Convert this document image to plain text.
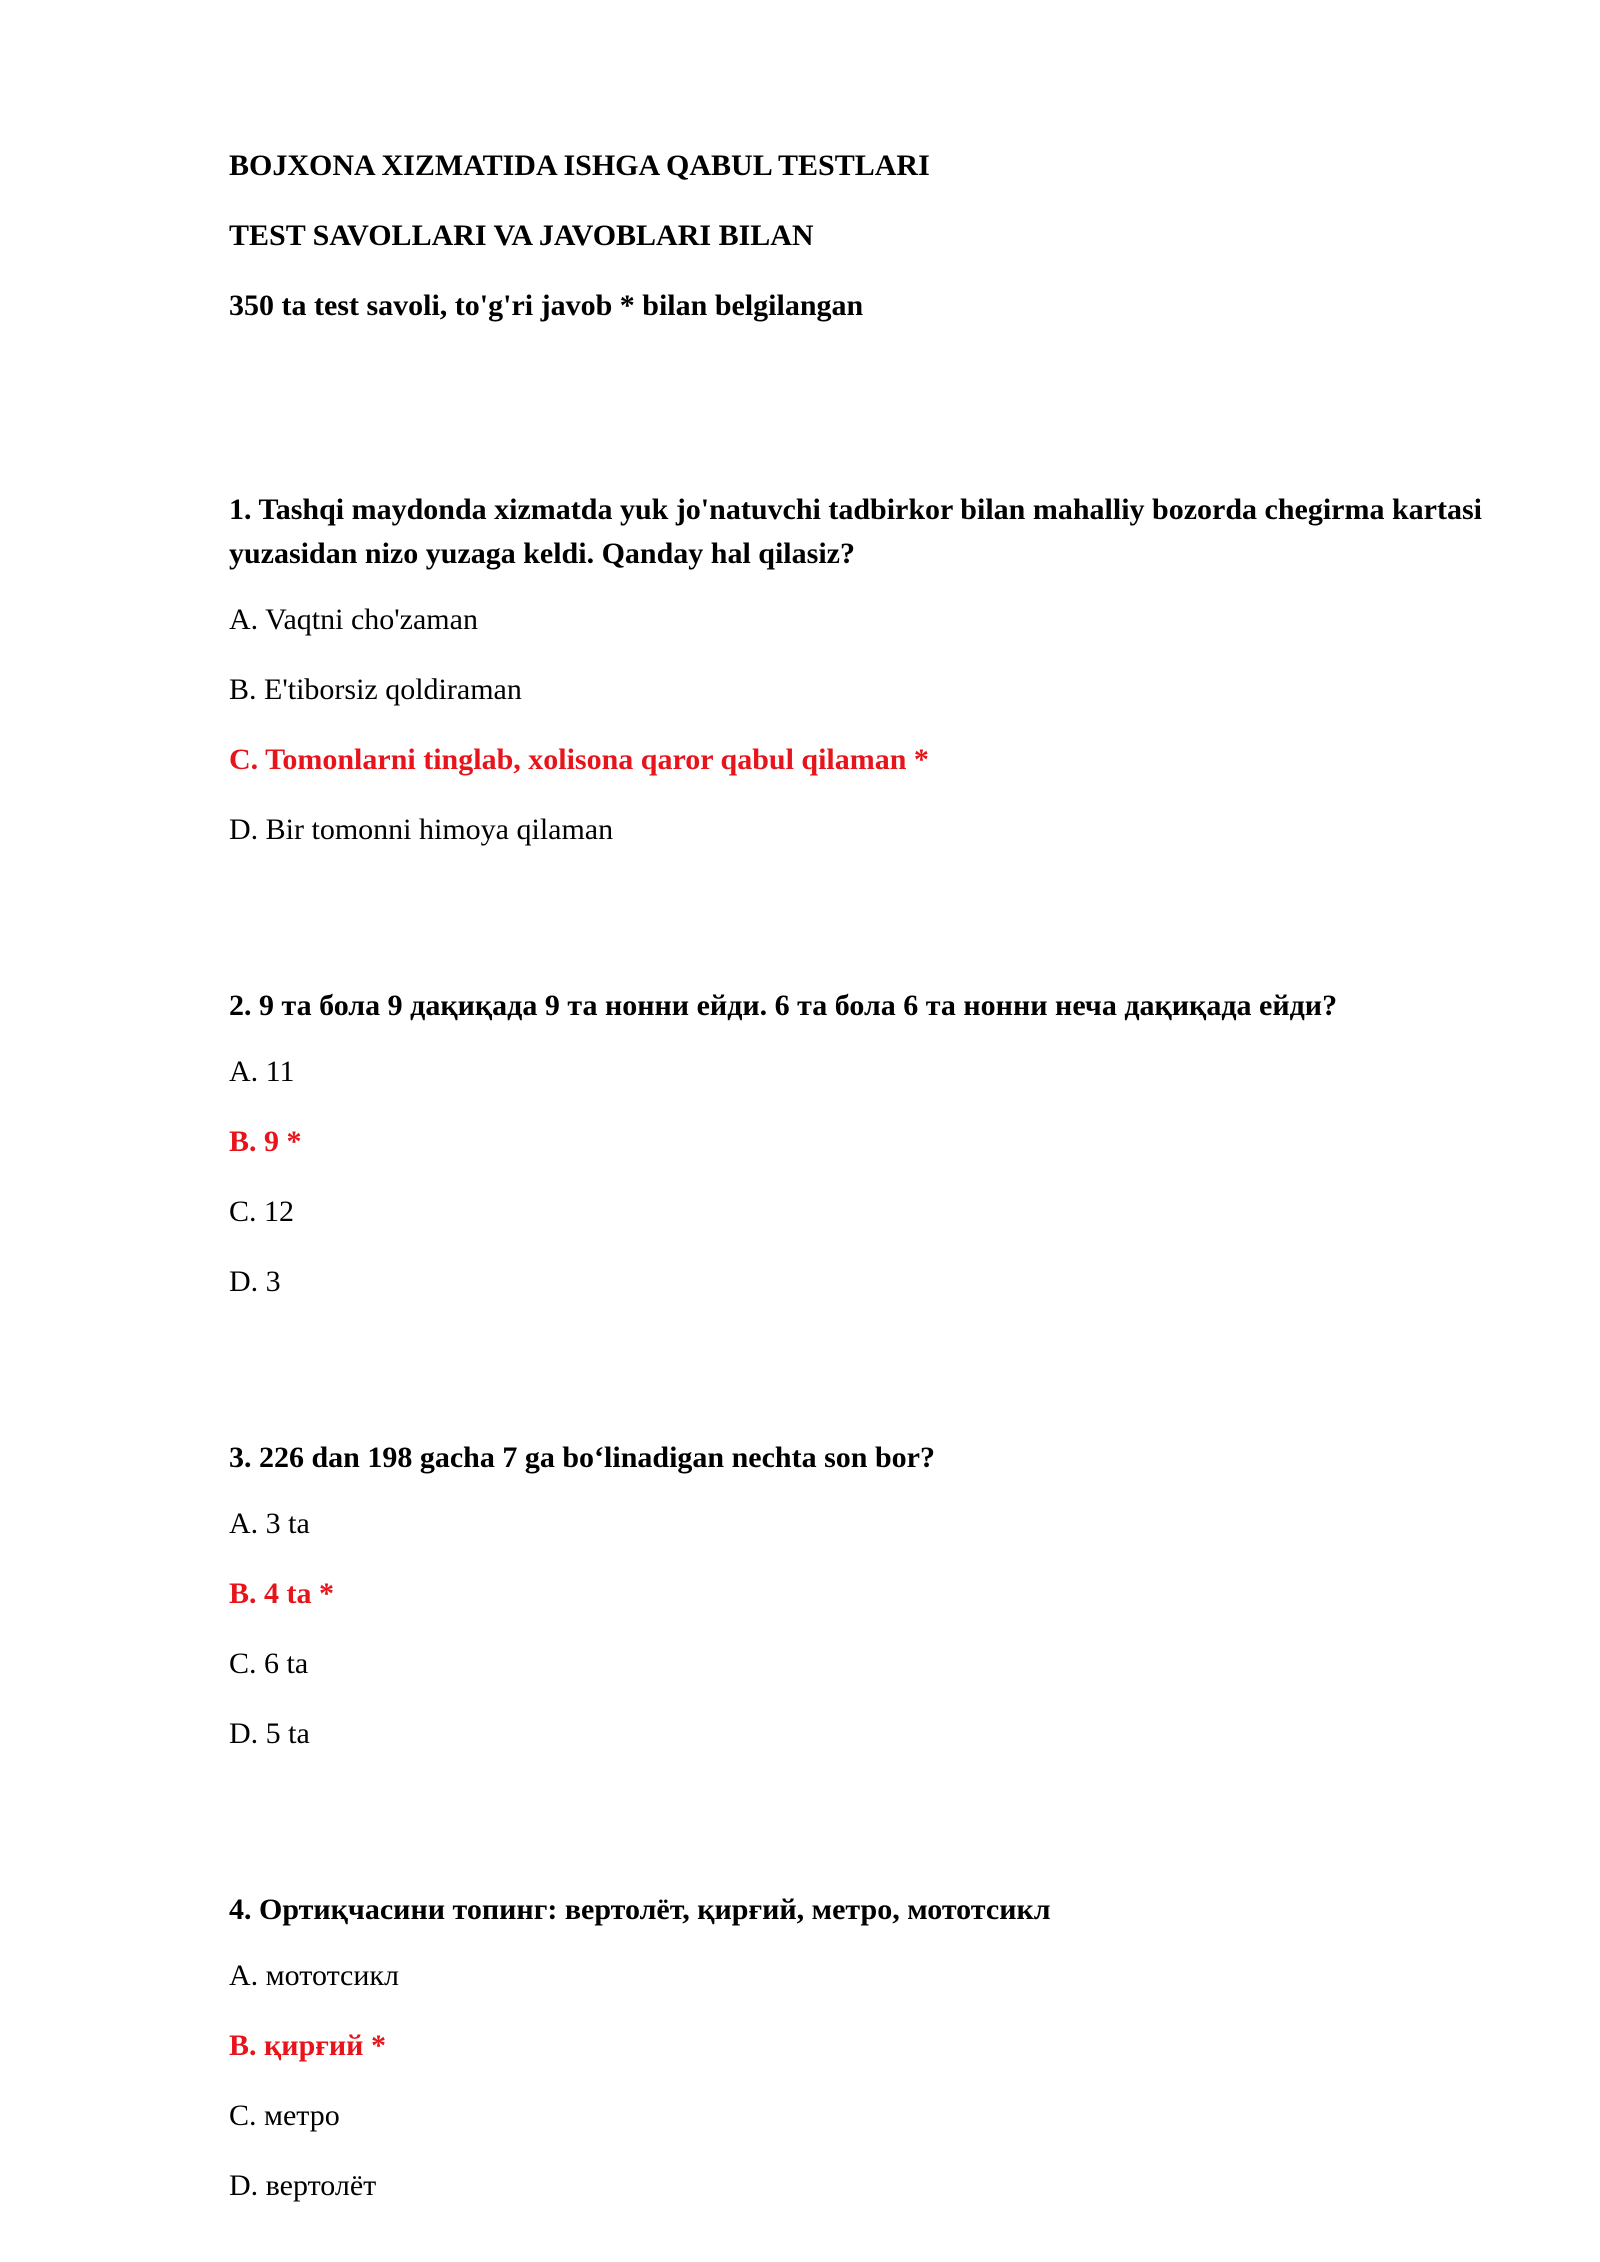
BOJXONA XIZMATIDA ISHGA QABUL TESTLARI
TEST SAVOLLARI VA JAVOBLARI BILAN
350 ta test savoli, to'g'ri javob * bilan belgilangan
1. Tashqi maydonda xizmatda yuk jo'natuvchi tadbirkor bilan mahalliy bozorda chegirma kartasi yuzasidan nizo yuzaga keldi. Qanday hal qilasiz?
A. Vaqtni cho'zaman
B. E'tiborsiz qoldiraman
C. Tomonlarni tinglab, xolisona qaror qabul qilaman *
D. Bir tomonni himoya qilaman
2. 9 та бола 9 дақиқада 9 та нонни ейди. 6 та бола 6 та нонни неча дақиқада ейди?
A. 11
B. 9 *
C. 12
D. 3
3. 226 dan 198 gacha 7 ga bo‘linadigan nechta son bor?
A. 3 ta
B. 4 ta *
C. 6 ta
D. 5 ta
4. Ортиқчасини топинг: вертолёт, қирғий, метро, мототсикл
A. мототсикл
B. қирғий *
C. метро
D. вертолёт
